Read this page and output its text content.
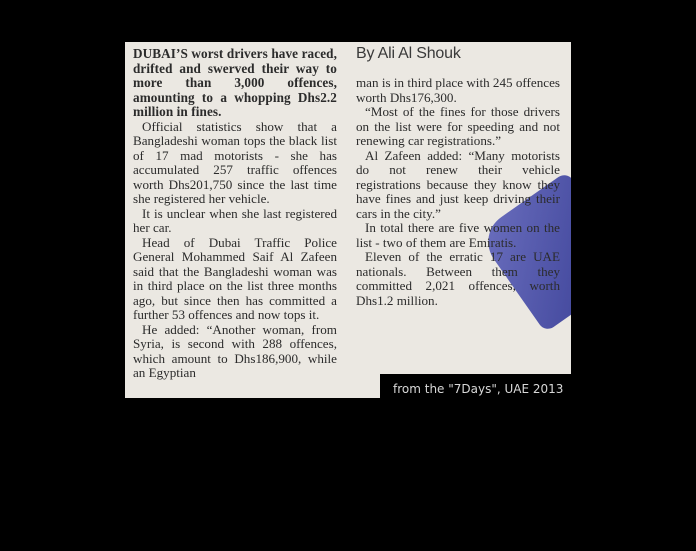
DUBAI’S worst drivers have raced, drifted and swerved their way to more than 3,000 offences, amounting to a whopping Dhs2.2 million in fines.

Official statistics show that a Bangladeshi woman tops the black list of 17 mad motorists - she has accumulated 257 traffic offences worth Dhs201,750 since the last time she registered her vehicle.

It is unclear when she last registered her car.

Head of Dubai Traffic Police General Mohammed Saif Al Zafeen said that the Bangladeshi woman was in third place on the list three months ago, but since then has committed a further 53 offences and now tops it.

He added: “Another woman, from Syria, is second with 288 offences, which amount to Dhs186,900, while an Egyptian

By Ali Al Shouk

man is in third place with 245 offences worth Dhs176,300.

“Most of the fines for those drivers on the list were for speeding and not renewing car registrations.”

Al Zafeen added: “Many motorists do not renew their vehicle registrations because they know they have fines and just keep driving their cars in the city.”

In total there are five women on the list - two of them are Emiratis.

Eleven of the erratic 17 are UAE nationals. Between them they committed 2,021 offences, worth Dhs1.2 million.

from the "7Days", UAE 2013
